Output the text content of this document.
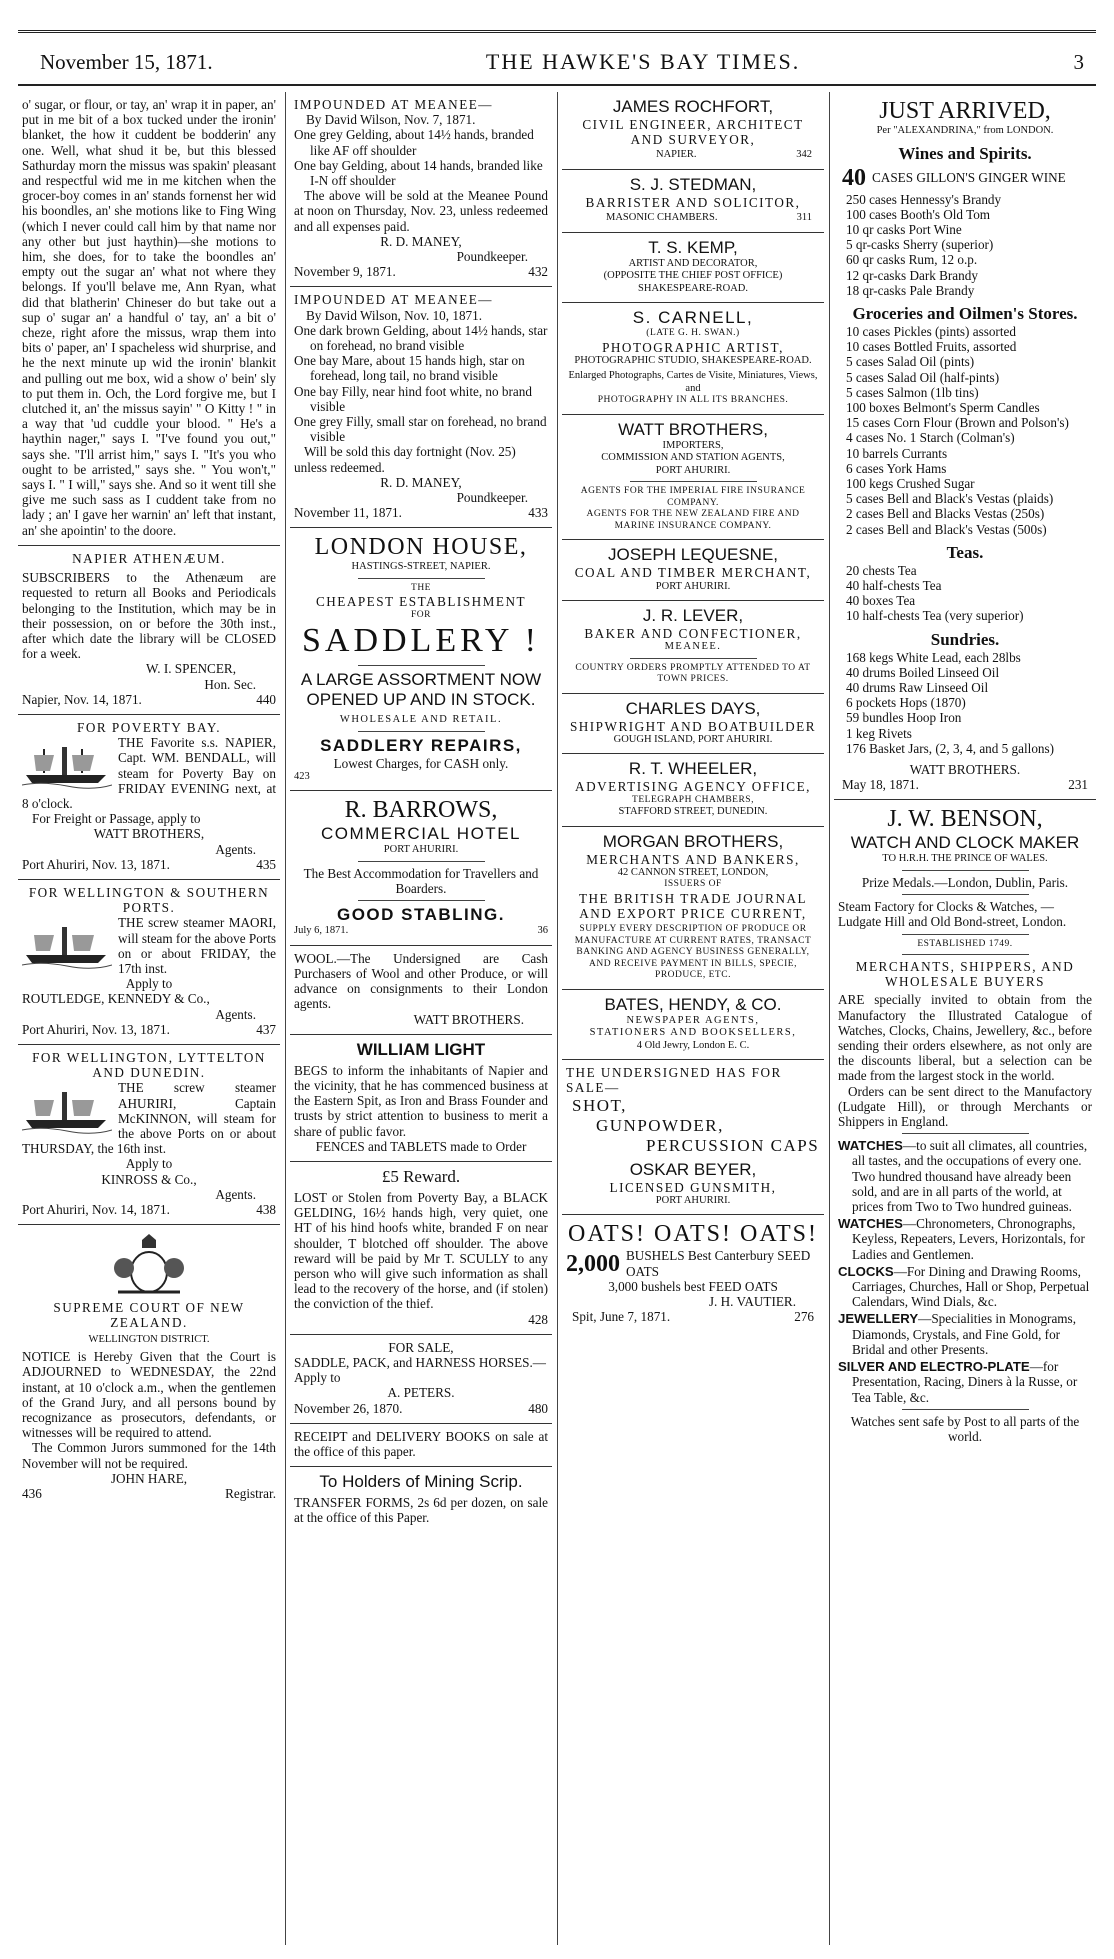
November 15, 1871.	THE HAWKE'S BAY TIMES.	3

o' sugar, or flour, or tay, an' wrap it in paper, an' put in me bit of a box tucked under the ironin' blanket, the how it cuddent be bodderin' any one. Well, what shud it be, but this blessed Sathurday morn the missus was spakin' pleasant and respectful wid me in me kitchen when the grocer-boy comes in an' stands fornenst her wid his boondles, an' she motions like to Fing Wing (which I never could call him by that name nor any other but just haythin)—she motions to him, she does, for to take the boondles an' empty out the sugar an' what not where they belongs. If you'll belave me, Ann Ryan, what did that blatherin' Chineser do but take out a sup o' sugar an' a handful o' tay, an' a bit o' cheze, right afore the missus, wrap them into bits o' paper, an' I spacheless wid shurprise, and he the next minute up wid the ironin' blankit and pulling out me box, wid a show o' bein' sly to put them in. Och, the Lord forgive me, but I clutched it, an' the missus sayin' " O Kitty ! " in a way that 'ud cuddle your blood. " He's a haythin nager," says I. "I've found you out," says she. "I'll arrist him," says I. "It's you who ought to be arristed," says she. " You won't," says I. " I will," says she. And so it went till she give me such sass as I cuddent take from no lady ; an' I gave her warnin' an' left that instant, an' she apointin' to the doore.

NAPIER ATHENÆUM.

SUBSCRIBERS to the Athenæum are requested to return all Books and Periodicals belonging to the Institution, which may be in their possession, on or before the 30th inst., after which date the library will be CLOSED for a week.

W. I. SPENCER,
Hon. Sec.
Napier, Nov. 14, 1871.	440
FOR POVERTY BAY.

THE Favorite s.s. NAPIER, Capt. WM. BENDALL, will steam for Poverty Bay on FRIDAY EVENING next, at 8 o'clock.

For Freight or Passage, apply to
WATT BROTHERS,
Agents.
Port Ahuriri, Nov. 13, 1871.	435
FOR WELLINGTON & SOUTHERN PORTS.

THE screw steamer MAORI, will steam for the above Ports on or about FRIDAY, the 17th inst.

Apply to
ROUTLEDGE, KENNEDY & Co.,
Agents.
Port Ahuriri, Nov. 13, 1871.	437
FOR WELLINGTON, LYTTELTON AND DUNEDIN.

THE screw steamer AHURIRI, Captain McKINNON, will steam for the above Ports on or about THURSDAY, the 16th inst.

Apply to
KINROSS & Co.,
Agents.
Port Ahuriri, Nov. 14, 1871.	438
SUPREME COURT OF NEW ZEALAND.
WELLINGTON DISTRICT.

NOTICE is Hereby Given that the Court is ADJOURNED to WEDNESDAY, the 22nd instant, at 10 o'clock a.m., when the gentlemen of the Grand Jury, and all persons bound by recognizance as prosecutors, defendants, or witnesses will be required to attend.

The Common Jurors summoned for the 14th November will not be required.

JOHN HARE,
436	Registrar.
IMPOUNDED AT MEANEE—
By David Wilson, Nov. 7, 1871.
One grey Gelding, about 14½ hands, branded like AF off shoulder
One bay Gelding, about 14 hands, branded like I-N off shoulder

The above will be sold at the Meanee Pound at noon on Thursday, Nov. 23, unless redeemed and all expenses paid.

R. D. MANEY,
Poundkeeper.
November 9, 1871.	432
IMPOUNDED AT MEANEE—
By David Wilson, Nov. 10, 1871.
One dark brown Gelding, about 14½ hands, star on forehead, no brand visible
One bay Mare, about 15 hands high, star on forehead, long tail, no brand visible
One bay Filly, near hind foot white, no brand visible
One grey Filly, small star on forehead, no brand visible

Will be sold this day fortnight (Nov. 25) unless redeemed.

R. D. MANEY,
Poundkeeper.
November 11, 1871.	433
LONDON HOUSE,
HASTINGS-STREET, NAPIER.
THE
CHEAPEST ESTABLISHMENT
FOR
SADDLERY !
A LARGE ASSORTMENT NOW OPENED UP AND IN STOCK.
WHOLESALE AND RETAIL.
SADDLERY REPAIRS,
Lowest Charges, for CASH only.
423
R. BARROWS,
COMMERCIAL HOTEL
PORT AHURIRI.
The Best Accommodation for Travellers and Boarders.
GOOD STABLING.
July 6, 1871.	36

WOOL.—The Undersigned are Cash Purchasers of Wool and other Produce, or will advance on consignments to their London agents.

WATT BROTHERS.
WILLIAM LIGHT

BEGS to inform the inhabitants of Napier and the vicinity, that he has commenced business at the Eastern Spit, as Iron and Brass Founder and trusts by strict attention to business to merit a share of public favor.

FENCES and TABLETS made to Order
£5 Reward.

LOST or Stolen from Poverty Bay, a BLACK GELDING, 16½ hands high, very quiet, one HT of his hind hoofs white, branded F on near shoulder, T blotched off shoulder. The above reward will be paid by Mr T. SCULLY to any person who will give such information as shall lead to the recovery of the horse, and (if stolen) the conviction of the thief.

428
FOR SALE,

SADDLE, PACK, and HARNESS HORSES.—Apply to

A. PETERS.
November 26, 1870.	480

RECEIPT and DELIVERY BOOKS on sale at the office of this paper.

To Holders of Mining Scrip.

TRANSFER FORMS, 2s 6d per dozen, on sale at the office of this Paper.

JAMES ROCHFORT,
CIVIL ENGINEER, ARCHITECT AND SURVEYOR,
NAPIER.	342
S. J. STEDMAN,
BARRISTER AND SOLICITOR,
MASONIC CHAMBERS.	311
T. S. KEMP,
ARTIST AND DECORATOR,
(OPPOSITE THE CHIEF POST OFFICE)
SHAKESPEARE-ROAD.
S. CARNELL,
(LATE G. H. SWAN.)
PHOTOGRAPHIC ARTIST,
PHOTOGRAPHIC STUDIO, SHAKESPEARE-ROAD.
Enlarged Photographs, Cartes de Visite, Miniatures, Views, and
PHOTOGRAPHY IN ALL ITS BRANCHES.
WATT BROTHERS,
IMPORTERS,
COMMISSION AND STATION AGENTS,
PORT AHURIRI.
AGENTS FOR THE IMPERIAL FIRE INSURANCE COMPANY.
AGENTS FOR THE NEW ZEALAND FIRE AND MARINE INSURANCE COMPANY.
JOSEPH LEQUESNE,
COAL AND TIMBER MERCHANT,
PORT AHURIRI.
J. R. LEVER,
BAKER AND CONFECTIONER,
MEANEE.
COUNTRY ORDERS PROMPTLY ATTENDED TO AT TOWN PRICES.
CHARLES DAYS,
SHIPWRIGHT AND BOATBUILDER
GOUGH ISLAND, PORT AHURIRI.
R. T. WHEELER,
ADVERTISING AGENCY OFFICE,
TELEGRAPH CHAMBERS,
STAFFORD STREET, DUNEDIN.
MORGAN BROTHERS,
MERCHANTS AND BANKERS,
42 CANNON STREET, LONDON,
ISSUERS OF
THE BRITISH TRADE JOURNAL AND EXPORT PRICE CURRENT,
SUPPLY EVERY DESCRIPTION OF PRODUCE OR MANUFACTURE AT CURRENT RATES, TRANSACT BANKING AND AGENCY BUSINESS GENERALLY, AND RECEIVE PAYMENT IN BILLS, SPECIE, PRODUCE, ETC.
BATES, HENDY, & CO.
NEWSPAPER AGENTS,
STATIONERS AND BOOKSELLERS,
4 Old Jewry, London E. C.
THE UNDERSIGNED HAS FOR SALE—
SHOT,
GUNPOWDER,
PERCUSSION CAPS
OSKAR BEYER,
LICENSED GUNSMITH,
PORT AHURIRI.
OATS! OATS! OATS!
2,000 BUSHELS Best Canterbury SEED OATS
3,000 bushels best FEED OATS
J. H. VAUTIER.
Spit, June 7, 1871.	276
JUST ARRIVED,
Per "ALEXANDRINA," from LONDON.
Wines and Spirits.
40 CASES GILLON'S GINGER WINE
250 cases Hennessy's Brandy
100 cases Booth's Old Tom
10 qr casks Port Wine
5 qr-casks Sherry (superior)
60 qr casks Rum, 12 o.p.
12 qr-casks Dark Brandy
18 qr-casks Pale Brandy
Groceries and Oilmen's Stores.
10 cases Pickles (pints) assorted
10 cases Bottled Fruits, assorted
5 cases Salad Oil (pints)
5 cases Salad Oil (half-pints)
5 cases Salmon (1lb tins)
100 boxes Belmont's Sperm Candles
15 cases Corn Flour (Brown and Polson's)
4 cases No. 1 Starch (Colman's)
10 barrels Currants
6 cases York Hams
100 kegs Crushed Sugar
5 cases Bell and Black's Vestas (plaids)
2 cases Bell and Blacks Vestas (250s)
2 cases Bell and Black's Vestas (500s)
Teas.
20 chests Tea
40 half-chests Tea
40 boxes Tea
10 half-chests Tea (very superior)
Sundries.
168 kegs White Lead, each 28lbs
40 drums Boiled Linseed Oil
40 drums Raw Linseed Oil
6 pockets Hops (1870)
59 bundles Hoop Iron
1 keg Rivets
176 Basket Jars, (2, 3, 4, and 5 gallons)
WATT BROTHERS.
May 18, 1871.	231
J. W. BENSON,
WATCH AND CLOCK MAKER
TO H.R.H. THE PRINCE OF WALES.
Prize Medals.—London, Dublin, Paris.

Steam Factory for Clocks & Watches, —Ludgate Hill and Old Bond-street, London.

ESTABLISHED 1749.
MERCHANTS, SHIPPERS, AND WHOLESALE BUYERS

ARE specially invited to obtain from the Manufactory the Illustrated Catalogue of Watches, Clocks, Chains, Jewellery, &c., before sending their orders elsewhere, as not only are the discounts liberal, but a selection can be made from the largest stock in the world.

Orders can be sent direct to the Manufactory (Ludgate Hill), or through Merchants or Shippers in England.

WATCHES—to suit all climates, all countries, all tastes, and the occupations of every one. Two hundred thousand have already been sold, and are in all parts of the world, at prices from Two to Two hundred guineas.
WATCHES—Chronometers, Chronographs, Keyless, Repeaters, Levers, Horizontals, for Ladies and Gentlemen.
CLOCKS—For Dining and Drawing Rooms, Carriages, Churches, Hall or Shop, Perpetual Calendars, Wind Dials, &c.
JEWELLERY—Specialities in Monograms, Diamonds, Crystals, and Fine Gold, for Bridal and other Presents.
SILVER AND ELECTRO-PLATE—for Presentation, Racing, Diners à la Russe, or Tea Table, &c.
Watches sent safe by Post to all parts of the world.
